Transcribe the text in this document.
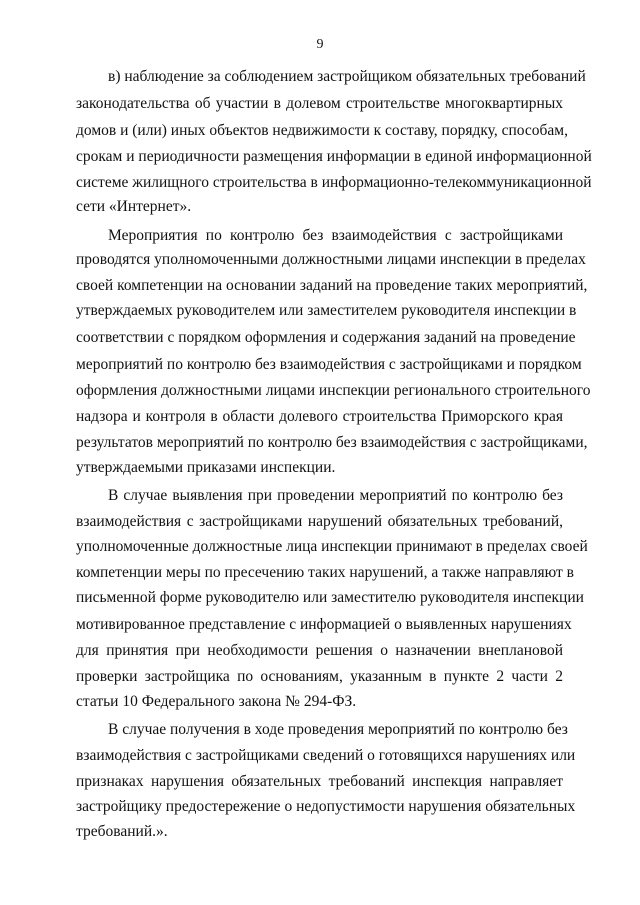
9
в) наблюдение за соблюдением застройщиком обязательных требований
законодательства об участии в долевом строительстве многоквартирных
домов и (или) иных объектов недвижимости к составу, порядку, способам,
срокам и периодичности размещения информации в единой информационной
системе жилищного строительства в информационно-телекоммуникационной
сети «Интернет».
Мероприятия по контролю без взаимодействия с застройщиками
проводятся уполномоченными должностными лицами инспекции в пределах
своей компетенции на основании заданий на проведение таких мероприятий,
утверждаемых руководителем или заместителем руководителя инспекции в
соответствии с порядком оформления и содержания заданий на проведение
мероприятий по контролю без взаимодействия с застройщиками и порядком
оформления должностными лицами инспекции регионального строительного
надзора и контроля в области долевого строительства Приморского края
результатов мероприятий по контролю без взаимодействия с застройщиками,
утверждаемыми приказами инспекции.
В случае выявления при проведении мероприятий по контролю без
взаимодействия с застройщиками нарушений обязательных требований,
уполномоченные должностные лица инспекции принимают в пределах своей
компетенции меры по пресечению таких нарушений, а также направляют в
письменной форме руководителю или заместителю руководителя инспекции
мотивированное представление с информацией о выявленных нарушениях
для принятия при необходимости решения о назначении внеплановой
проверки застройщика по основаниям, указанным в пункте 2 части 2
статьи 10 Федерального закона № 294-ФЗ.
В случае получения в ходе проведения мероприятий по контролю без
взаимодействия с застройщиками сведений о готовящихся нарушениях или
признаках нарушения обязательных требований инспекция направляет
застройщику предостережение о недопустимости нарушения обязательных
требований.».
